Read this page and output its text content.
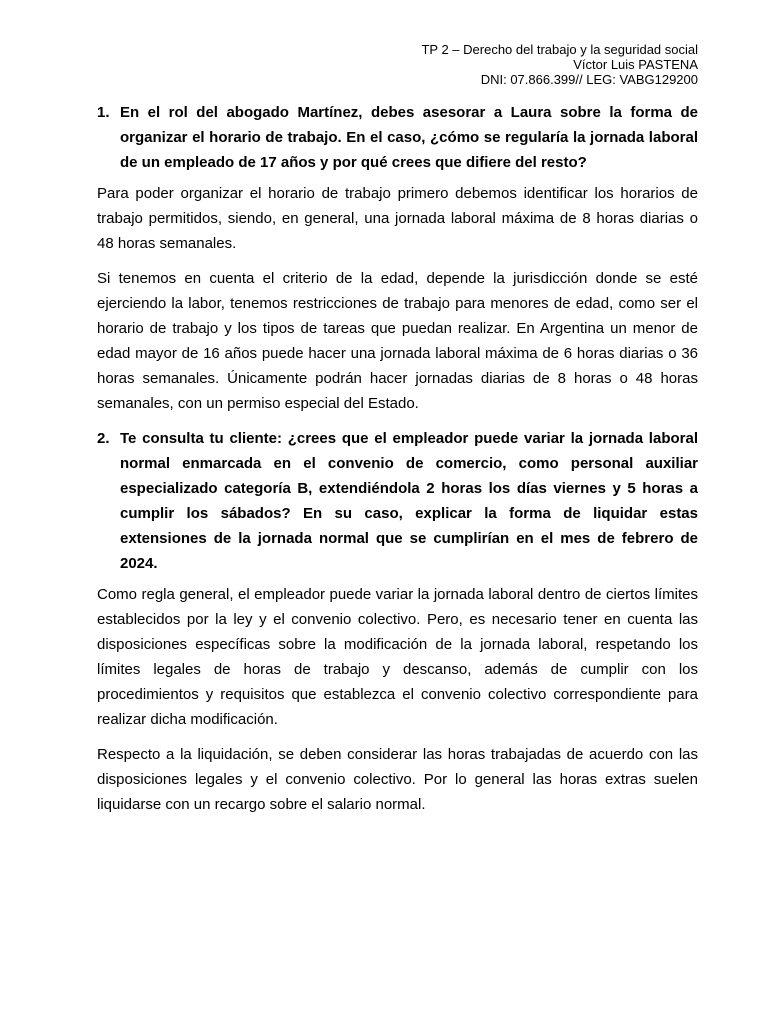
TP 2 – Derecho del trabajo y la seguridad social
Víctor Luis PASTENA
DNI: 07.866.399// LEG: VABG129200
1. En el rol del abogado Martínez, debes asesorar a Laura sobre la forma de organizar el horario de trabajo. En el caso, ¿cómo se regularía la jornada laboral de un empleado de 17 años y por qué crees que difiere del resto?

Para poder organizar el horario de trabajo primero debemos identificar los horarios de trabajo permitidos, siendo, en general, una jornada laboral máxima de 8 horas diarias o 48 horas semanales.

Si tenemos en cuenta el criterio de la edad, depende la jurisdicción donde se esté ejerciendo la labor, tenemos restricciones de trabajo para menores de edad, como ser el horario de trabajo y los tipos de tareas que puedan realizar. En Argentina un menor de edad mayor de 16 años puede hacer una jornada laboral máxima de 6 horas diarias o 36 horas semanales. Únicamente podrán hacer jornadas diarias de 8 horas o 48 horas semanales, con un permiso especial del Estado.

2. Te consulta tu cliente: ¿crees que el empleador puede variar la jornada laboral normal enmarcada en el convenio de comercio, como personal auxiliar especializado categoría B, extendiéndola 2 horas los días viernes y 5 horas a cumplir los sábados? En su caso, explicar la forma de liquidar estas extensiones de la jornada normal que se cumplirían en el mes de febrero de 2024.

Como regla general, el empleador puede variar la jornada laboral dentro de ciertos límites establecidos por la ley y el convenio colectivo. Pero, es necesario tener en cuenta las disposiciones específicas sobre la modificación de la jornada laboral, respetando los límites legales de horas de trabajo y descanso, además de cumplir con los procedimientos y requisitos que establezca el convenio colectivo correspondiente para realizar dicha modificación.

Respecto a la liquidación, se deben considerar las horas trabajadas de acuerdo con las disposiciones legales y el convenio colectivo. Por lo general las horas extras suelen liquidarse con un recargo sobre el salario normal.
